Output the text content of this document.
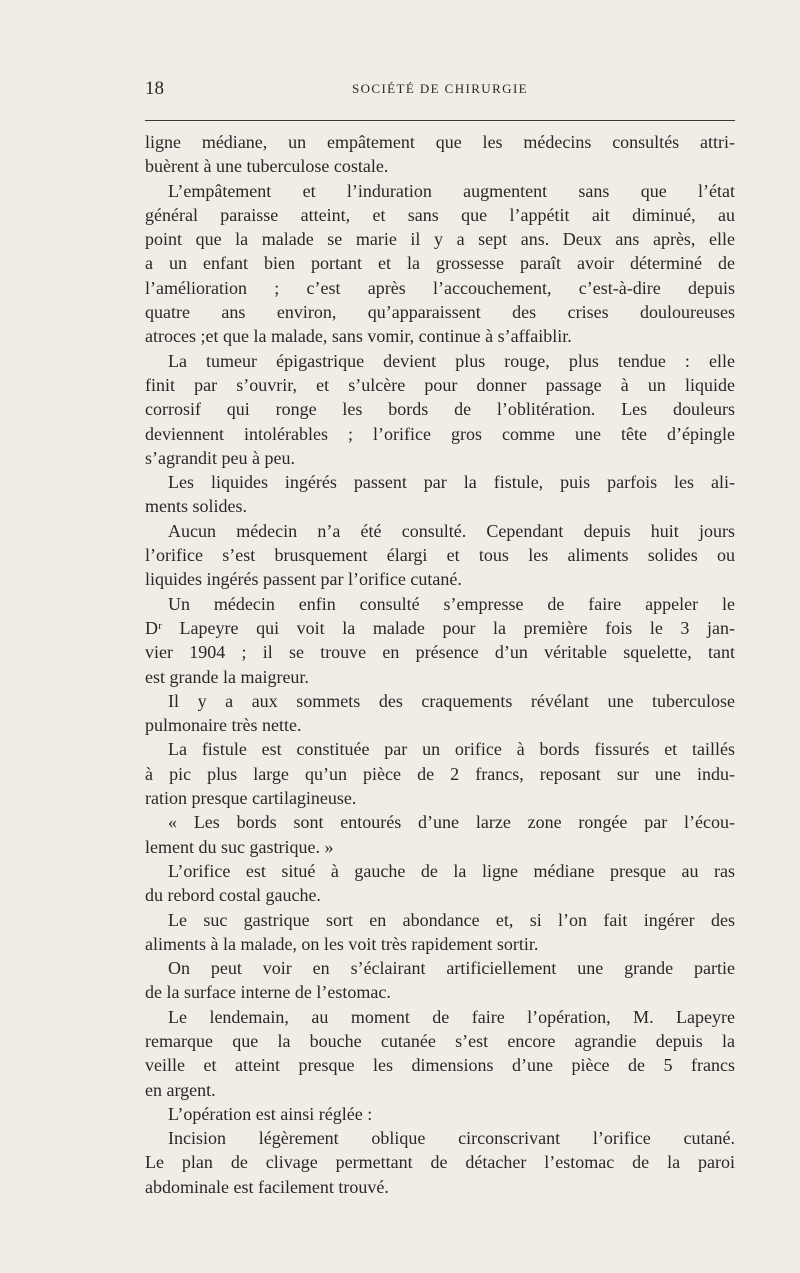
18	SOCIÉTÉ DE CHIRURGIE
ligne médiane, un empâtement que les médecins consultés attri-
buèrent à une tuberculose costale.
L’empâtement et l’induration augmentent sans que l’état
général paraisse atteint, et sans que l’appétit ait diminué, au
point que la malade se marie il y a sept ans. Deux ans après, elle
a un enfant bien portant et la grossesse paraît avoir déterminé de
l’amélioration ; c’est après l’accouchement, c’est-à-dire depuis
quatre ans environ, qu’apparaissent des crises douloureuses
atroces ;et que la malade, sans vomir, continue à s’affaiblir.
La tumeur épigastrique devient plus rouge, plus tendue : elle
finit par s’ouvrir, et s’ulcère pour donner passage à un liquide
corrosif qui ronge les bords de l’oblitération. Les douleurs
deviennent intolérables ; l’orifice gros comme une tête d’épingle
s’agrandit peu à peu.
Les liquides ingérés passent par la fistule, puis parfois les ali-
ments solides.
Aucun médecin n’a été consulté. Cependant depuis huit jours
l’orifice s’est brusquement élargi et tous les aliments solides ou
liquides ingérés passent par l’orifice cutané.
Un médecin enfin consulté s’empresse de faire appeler le
Dʳ Lapeyre qui voit la malade pour la première fois le 3 jan-
vier 1904 ; il se trouve en présence d’un véritable squelette, tant
est grande la maigreur.
Il y a aux sommets des craquements révélant une tuberculose
pulmonaire très nette.
La fistule est constituée par un orifice à bords fissurés et taillés
à pic plus large qu’un pièce de 2 francs, reposant sur une indu-
ration presque cartilagineuse.
« Les bords sont entourés d’une larze zone rongée par l’écou-
lement du suc gastrique. »
L’orifice est situé à gauche de la ligne médiane presque au ras
du rebord costal gauche.
Le suc gastrique sort en abondance et, si l’on fait ingérer des
aliments à la malade, on les voit très rapidement sortir.
On peut voir en s’éclairant artificiellement une grande partie
de la surface interne de l’estomac.
Le lendemain, au moment de faire l’opération, M. Lapeyre
remarque que la bouche cutanée s’est encore agrandie depuis la
veille et atteint presque les dimensions d’une pièce de 5 francs
en argent.
L’opération est ainsi réglée :
Incision légèrement oblique circonscrivant l’orifice cutané.
Le plan de clivage permettant de détacher l’estomac de la paroi
abdominale est facilement trouvé.
